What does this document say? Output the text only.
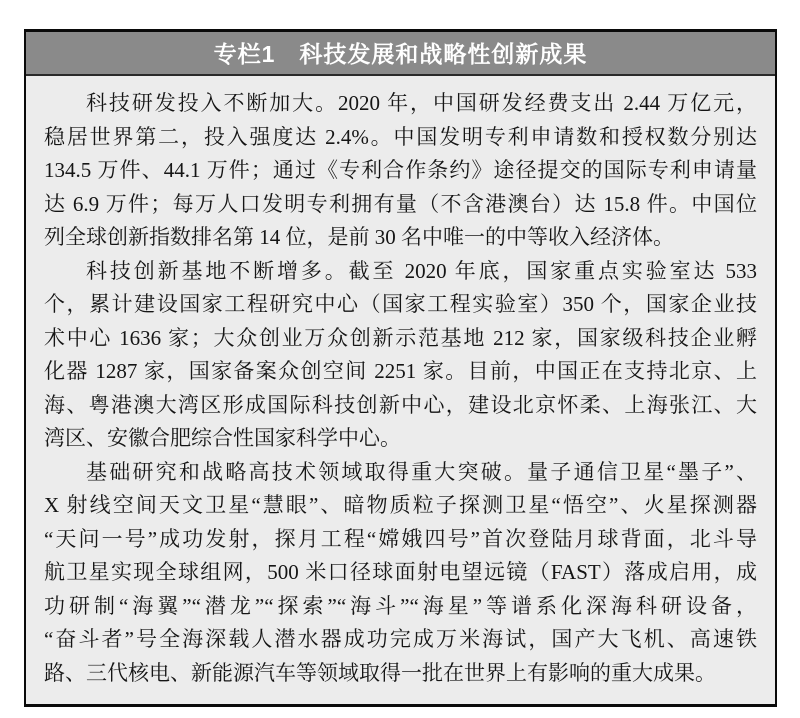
专栏1　科技发展和战略性创新成果
科技研发投入不断加大。2020 年，中国研发经费支出 2.44 万亿元，
稳居世界第二，投入强度达 2.4%。中国发明专利申请数和授权数分别达
134.5 万件、44.1 万件；通过《专利合作条约》途径提交的国际专利申请量
达 6.9 万件；每万人口发明专利拥有量（不含港澳台）达 15.8 件。中国位
列全球创新指数排名第 14 位，是前 30 名中唯一的中等收入经济体。
科技创新基地不断增多。截至 2020 年底，国家重点实验室达 533
个，累计建设国家工程研究中心（国家工程实验室）350 个，国家企业技
术中心 1636 家；大众创业万众创新示范基地 212 家，国家级科技企业孵
化器 1287 家，国家备案众创空间 2251 家。目前，中国正在支持北京、上
海、粤港澳大湾区形成国际科技创新中心，建设北京怀柔、上海张江、大
湾区、安徽合肥综合性国家科学中心。
基础研究和战略高技术领域取得重大突破。量子通信卫星“墨子”、
X 射线空间天文卫星“慧眼”、暗物质粒子探测卫星“悟空”、火星探测器
“天问一号”成功发射，探月工程“嫦娥四号”首次登陆月球背面，北斗导
航卫星实现全球组网，500 米口径球面射电望远镜（FAST）落成启用，成
功研制“海翼”“潜龙”“探索”“海斗”“海星”等谱系化深海科研设备，
“奋斗者”号全海深载人潜水器成功完成万米海试，国产大飞机、高速铁
路、三代核电、新能源汽车等领域取得一批在世界上有影响的重大成果。
